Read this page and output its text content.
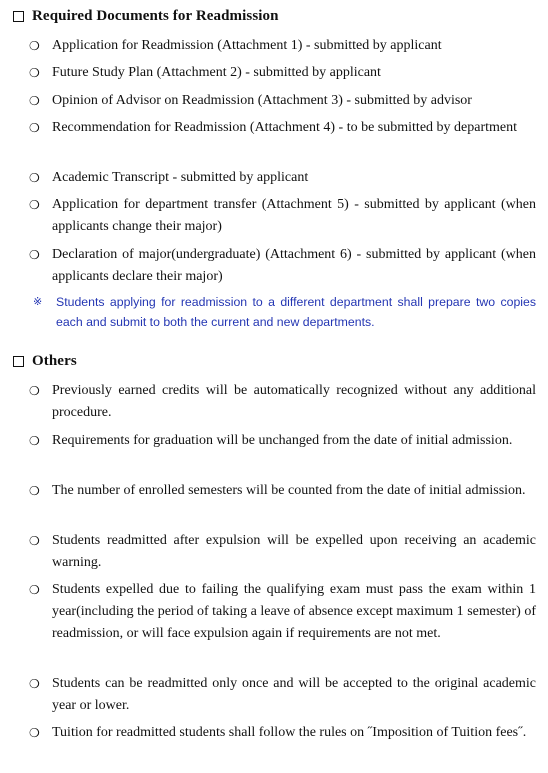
Required Documents for Readmission
❍ Application for Readmission (Attachment 1) - submitted by applicant
❍ Future Study Plan (Attachment 2) - submitted by applicant
❍ Opinion of Advisor on Readmission (Attachment 3) - submitted by advisor
❍ Recommendation for Readmission (Attachment 4) - to be submitted by department
❍ Academic Transcript - submitted by applicant
❍ Application for department transfer (Attachment 5) - submitted by applicant (when applicants change their major)
❍ Declaration of major(undergraduate) (Attachment 6) - submitted by applicant (when applicants declare their major)
※	Students applying for readmission to a different department shall prepare two copies each and submit to both the current and new departments.
Others
❍ Previously earned credits will be automatically recognized without any additional procedure.
❍ Requirements for graduation will be unchanged from the date of initial admission.
❍ The number of enrolled semesters will be counted from the date of initial admission.
❍ Students readmitted after expulsion will be expelled upon receiving an academic warning.
❍ Students expelled due to failing the qualifying exam must pass the exam within 1 year(including the period of taking a leave of absence except maximum 1 semester) of readmission, or will face expulsion again if requirements are not met.
❍ Students can be readmitted only once and will be accepted to the original academic year or lower.
❍ Tuition for readmitted students shall follow the rules on ˝Imposition of Tuition fees˝.
